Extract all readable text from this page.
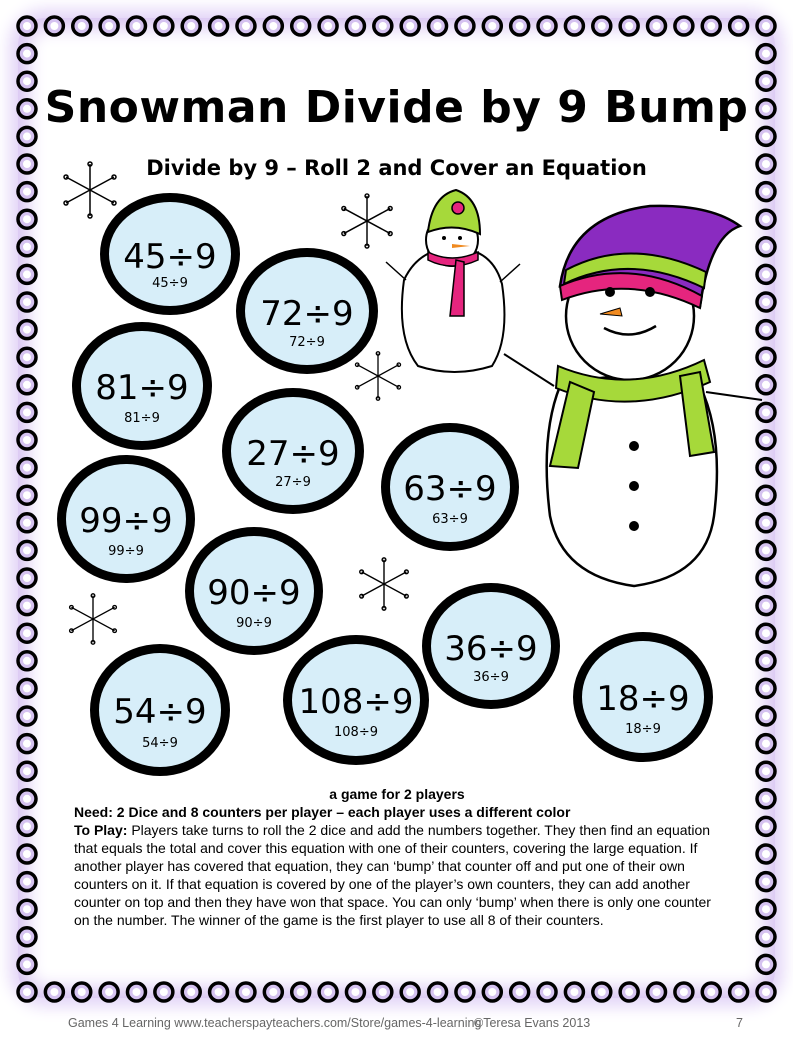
Snowman Divide by 9 Bump
Divide by 9 – Roll 2 and Cover an Equation
45÷9
45÷9
72÷9
72÷9
81÷9
81÷9
27÷9
27÷9	63÷9
63÷9
99÷9
99÷9
90÷9
90÷9
36÷9
36÷9
54÷9
54÷9
108÷9
108÷9
18÷9
18÷9
a game for 2 players
Need: 2 Dice and 8 counters per player – each player uses a different color
To Play: Players take turns to roll the 2 dice and add the numbers together. They then find an equation that equals the total and cover this equation with one of their counters, covering the large equation. If another player has covered that equation, they can ‘bump’ that counter off and put one of their own counters on it. If that equation is covered by one of the player’s own counters, they can add another counter on top and then they have won that space. You can only ‘bump’ when there is only one counter on the number. The winner of the game is the first player to use all 8 of their counters.
Games 4 Learning www.teacherspayteachers.com/Store/games-4-learning
©Teresa Evans 2013	7
